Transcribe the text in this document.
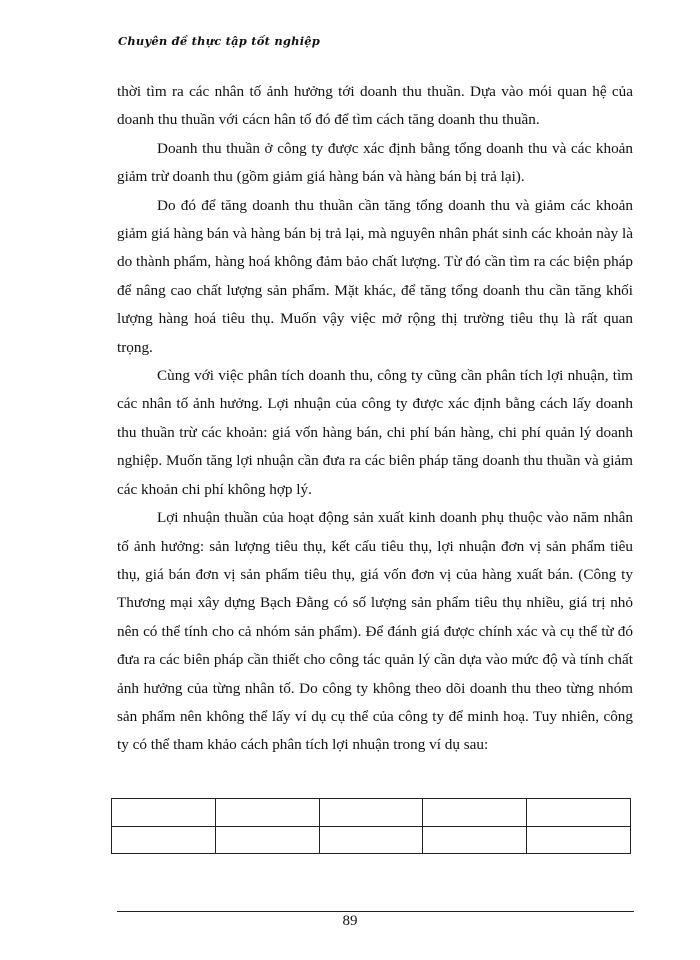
Chuyên đề thực tập tốt nghiệp

thời tìm ra các nhân tố ảnh hưởng tới doanh thu thuần. Dựa vào mói quan hệ của doanh thu thuần với cácn hân tố đó để tìm cách tăng doanh thu thuần.

Doanh thu thuần ở công ty được xác định bằng tổng doanh thu và các khoản giảm trừ doanh thu (gồm giảm giá hàng bán và hàng bán bị trả lại).

Do đó để tăng doanh thu thuần cần tăng tổng doanh thu và giảm các khoản giảm giá hàng bán và hàng bán bị trả lại, mà nguyên nhân phát sinh các khoản này là do thành phẩm, hàng hoá không đảm bảo chất lượng. Từ đó cần tìm ra các biện pháp để nâng cao chất lượng sản phẩm. Mặt khác, để tăng tổng doanh thu cần tăng khối lượng hàng hoá tiêu thụ. Muốn vậy việc mở rộng thị trường tiêu thụ là rất quan trọng.

Cùng với việc phân tích doanh thu, công ty cũng cần phân tích lợi nhuận, tìm các nhân tố ảnh hưởng. Lợi nhuận của công ty được xác định bằng cách lấy doanh thu thuần trừ các khoản: giá vốn hàng bán, chi phí bán hàng, chi phí quản lý doanh nghiệp. Muốn tăng lợi nhuận cần đưa ra các biên pháp tăng doanh thu thuần và giảm các khoản chi phí không hợp lý.

Lợi nhuận thuần của hoạt động sản xuất kinh doanh phụ thuộc vào năm nhân tố ảnh hưởng: sản lượng tiêu thụ, kết cấu tiêu thụ, lợi nhuận đơn vị sản phẩm tiêu thụ, giá bán đơn vị sản phẩm tiêu thụ, giá vốn đơn vị của hàng xuất bán. (Công ty Thương mại xây dựng Bạch Đằng có số lượng sản phẩm tiêu thụ nhiều, giá trị nhỏ nên có thể tính cho cả nhóm sản phẩm). Để đánh giá được chính xác và cụ thể từ đó đưa ra các biên pháp cần thiết cho công tác quản lý cần dựa vào mức độ và tính chất ảnh hưởng của từng nhân tố. Do công ty không theo dõi doanh thu theo từng nhóm sản phẩm nên không thể lấy ví dụ cụ thể của công ty để minh hoạ. Tuy nhiên, công ty có thể tham khảo cách phân tích lợi nhuận trong ví dụ sau:

89
